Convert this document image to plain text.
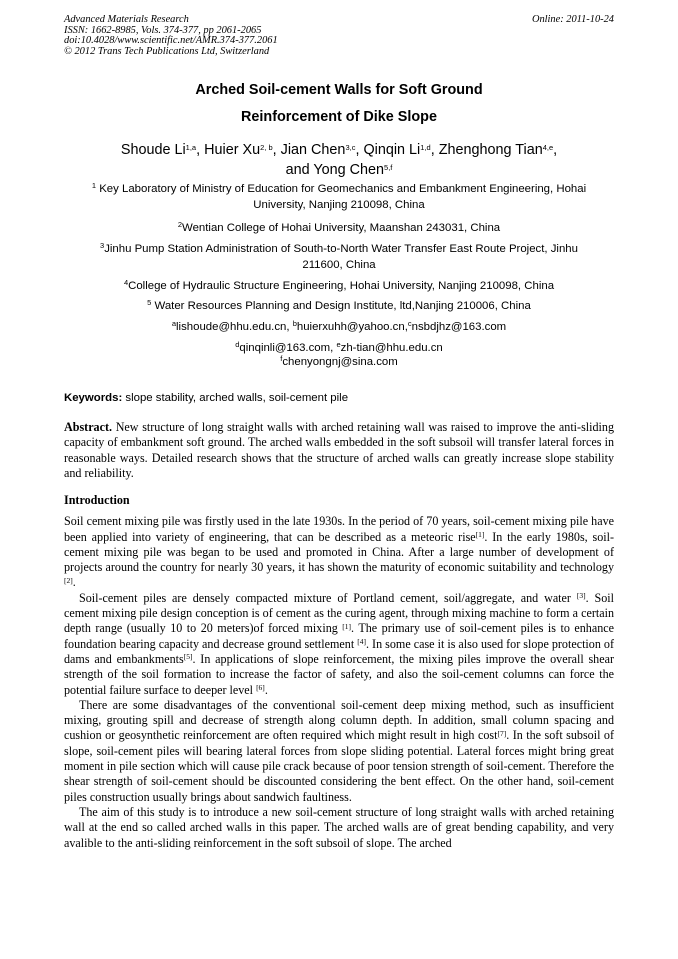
Advanced Materials Research
ISSN: 1662-8985, Vols. 374-377, pp 2061-2065
doi:10.4028/www.scientific.net/AMR.374-377.2061
© 2012 Trans Tech Publications Ltd, Switzerland
Online: 2011-10-24
Arched Soil-cement Walls for Soft Ground
Reinforcement of Dike Slope
Shoude Li$^{1,a}$, Huier Xu$^{2, b}$, Jian Chen$^{3,c}$, Qinqin Li$^{1,d}$, Zhenghong Tian$^{4,e}$,
and Yong Chen$^{5,f}$
$^1$ Key Laboratory of Ministry of Education for Geomechanics and Embankment Engineering, Hohai
University, Nanjing 210098, China
$^2$Wentian College of Hohai University, Maanshan 243031, China
$^3$Jinhu Pump Station Administration of South-to-North Water Transfer East Route Project, Jinhu
211600, China
$^4$College of Hydraulic Structure Engineering, Hohai University, Nanjing 210098, China
$^5$ Water Resources Planning and Design Institute, ltd,Nanjing 210006, China
$^a$lishoude@hhu.edu.cn, $^b$huierxuhh@yahoo.cn,$^c$nsbdjhz@163.com
$^d$qinqinli@163.com, $^e$zh-tian@hhu.edu.cn
$^f$chenyongnj@sina.com
Keywords: slope stability, arched walls, soil-cement pile

Abstract. New structure of long straight walls with arched retaining wall was raised to improve the anti-sliding capacity of embankment soft ground. The arched walls embedded in the soft subsoil will transfer lateral forces in reasonable ways. Detailed research shows that the structure of arched walls can greatly increase slope stability and reliability.

Introduction

Soil cement mixing pile was firstly used in the late 1930s. In the period of 70 years, soil-cement mixing pile have been applied into variety of engineering, that can be described as a meteoric rise[1]. In the early 1980s, soil-cement mixing pile was began to be used and promoted in China. After a large number of development of projects around the country for nearly 30 years, it has shown the maturity of economic suitability and technology [2].

Soil-cement piles are densely compacted mixture of Portland cement, soil/aggregate, and water [3]. Soil cement mixing pile design conception is of cement as the curing agent, through mixing machine to form a certain depth range (usually 10 to 20 meters)of forced mixing [1]. The primary use of soil-cement piles is to enhance foundation bearing capacity and decrease ground settlement [4]. In some case it is also used for slope protection of dams and embankments[5]. In applications of slope reinforcement, the mixing piles improve the overall shear strength of the soil formation to increase the factor of safety, and also the soil-cement columns can force the potential failure surface to deeper level [6].

There are some disadvantages of the conventional soil-cement deep mixing method, such as insufficient mixing, grouting spill and decrease of strength along column depth. In addition, small column spacing and cushion or geosynthetic reinforcement are often required which might result in high cost[7]. In the soft subsoil of slope, soil-cement piles will bearing lateral forces from slope sliding potential. Lateral forces might bring great moment in pile section which will cause pile crack because of poor tension strength of soil-cement. Therefore the shear strength of soil-cement should be discounted considering the bent effect. On the other hand, soil-cement piles construction usually brings about sandwich faultiness.

The aim of this study is to introduce a new soil-cement structure of long straight walls with arched retaining wall at the end so called arched walls in this paper. The arched walls are of great bending capability, and very avalible to the anti-sliding reinforcement in the soft subsoil of slope. The arched
